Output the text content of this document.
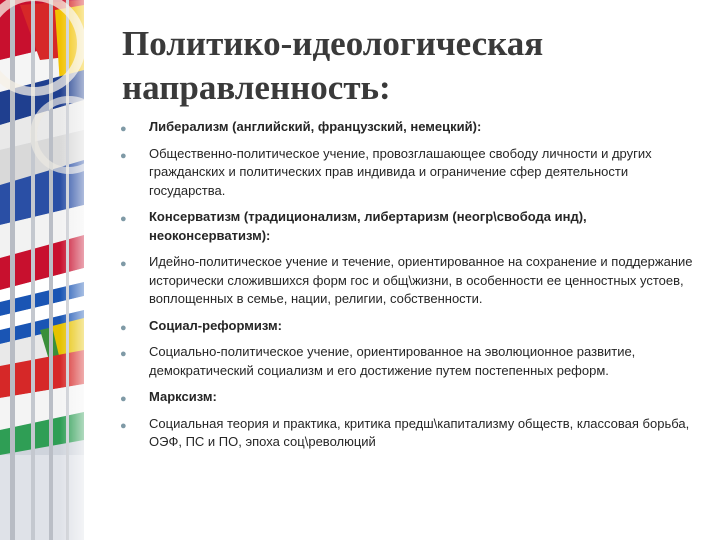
Политико-идеологическая направленность:
● Либерализм (английский, французский, немецкий):
● Общественно-политическое учение, провозглашающее свободу личности и других гражданских и политических прав индивида и ограничение сфер деятельности государства.
● Консерватизм (традиционализм, либертаризм (неогр\свобода инд), неоконсерватизм):
● Идейно-политическое учение и течение, ориентированное на сохранение и поддержание исторически сложившихся форм гос и общ\жизни, в особенности ее ценностных устоев, воплощенных в семье, нации, религии, собственности.
● Социал-реформизм:
● Социально-политическое учение, ориентированное на эволюционное развитие, демократический социализм и его достижение путем постепенных реформ.
● Марксизм:
● Социальная теория и практика, критика предш\капитализму обществ, классовая борьба, ОЭФ, ПС и ПО, эпоха соц\революций
